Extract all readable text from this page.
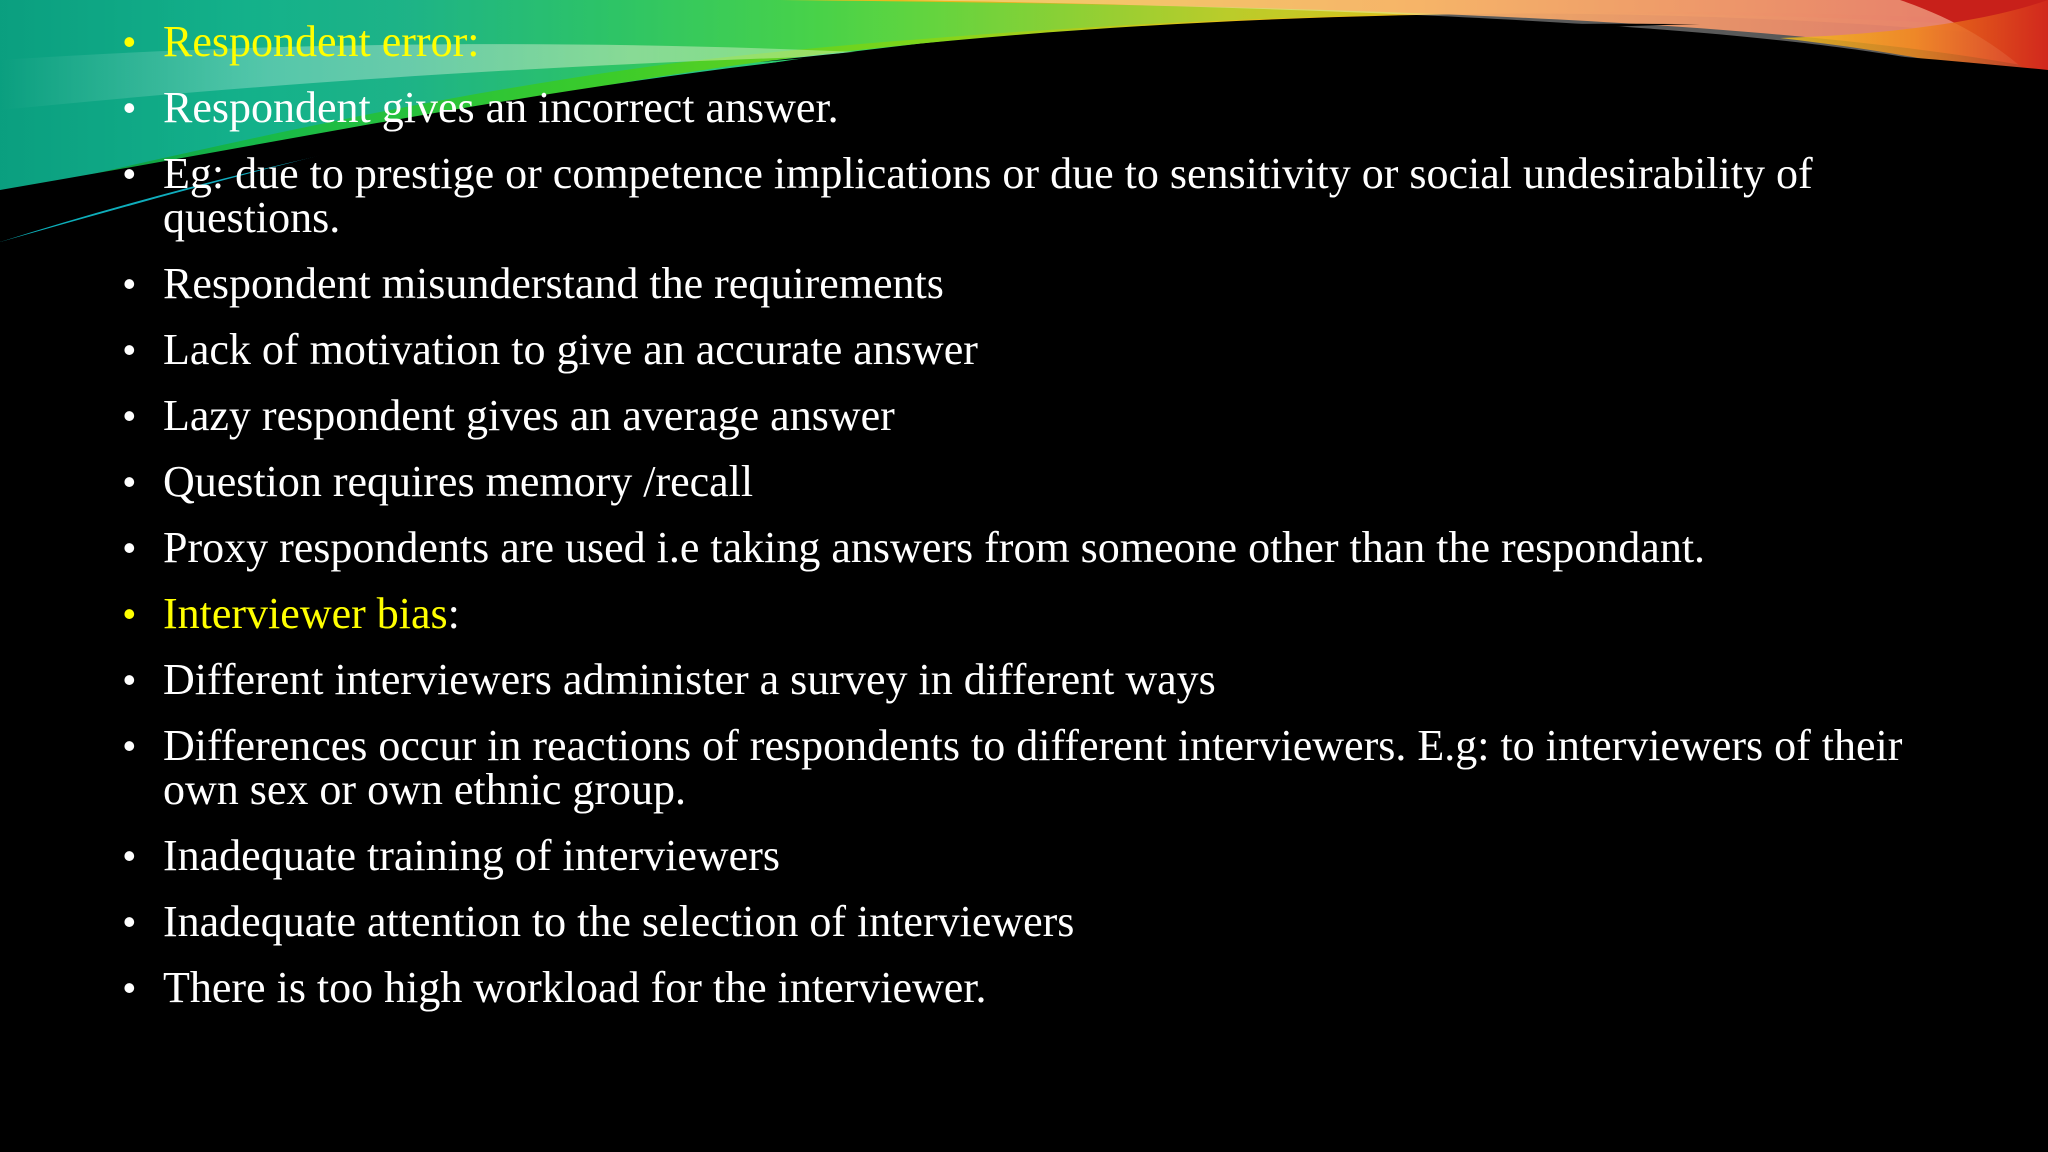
• Respondent error:
• Respondent gives an incorrect answer.
• Eg: due to prestige or competence implications or due to sensitivity or social undesirability of questions.
• Respondent misunderstand the requirements
• Lack of motivation to give an accurate answer
• Lazy respondent gives an average answer
• Question requires memory /recall
• Proxy respondents are used i.e taking answers from someone other than the respondant.
• Interviewer bias:
• Different interviewers administer a survey in different ways
• Differences occur in reactions of respondents to different interviewers. E.g: to interviewers of their own sex or own ethnic group.
• Inadequate training of interviewers
• Inadequate attention to the selection of interviewers
• There is too high workload for the interviewer.
